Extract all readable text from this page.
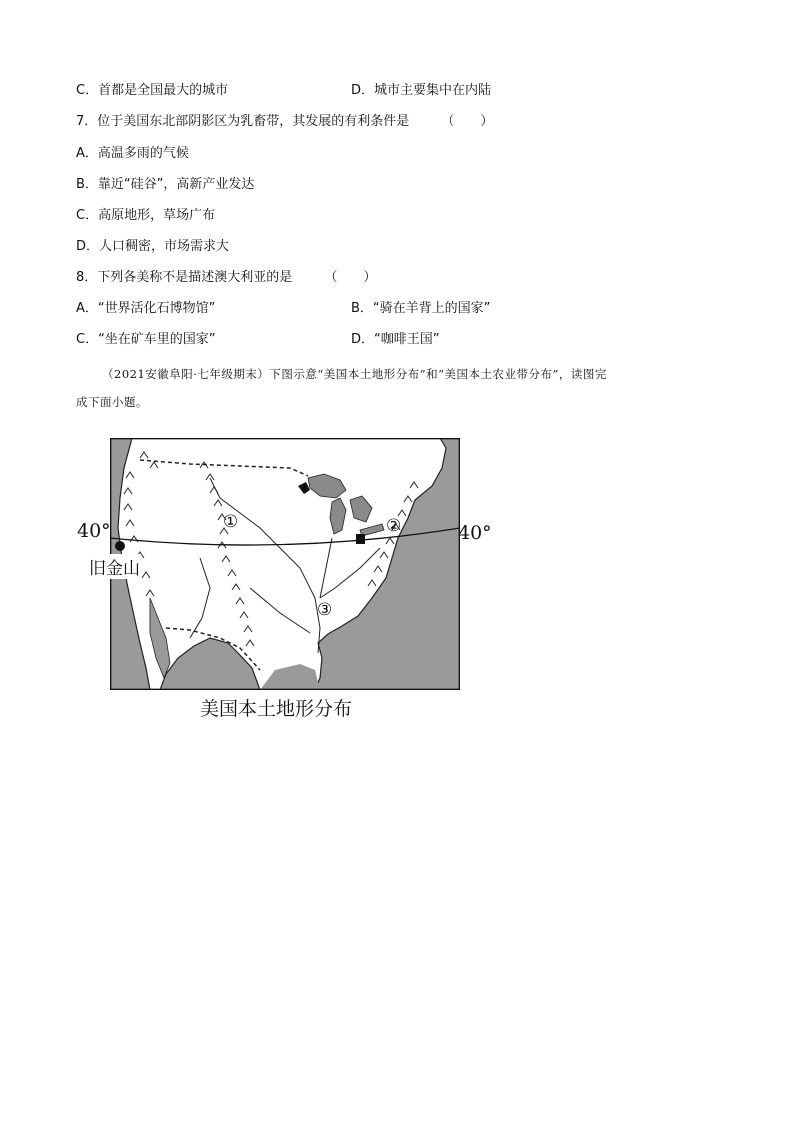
C．首都是全国最大的城市	D．城市主要集中在内陆
7．位于美国东北部阴影区为乳畜带，其发展的有利条件是 （　　）
A．高温多雨的气候
B．靠近“硅谷”，高新产业发达
C．高原地形，草场广布
D．人口稠密，市场需求大
8．下列各美称不是描述澳大利亚的是 （　　）
A．“世界活化石博物馆”	B．“骑在羊背上的国家”
C．“坐在矿车里的国家”	D．“咖啡王国”
（2021安徽阜阳·七年级期末）下图示意“美国本土地形分布”和“美国本土农业带分布”，读图完
成下面小题。
①	②
③
40°	40°
旧金山
美国本土地形分布
